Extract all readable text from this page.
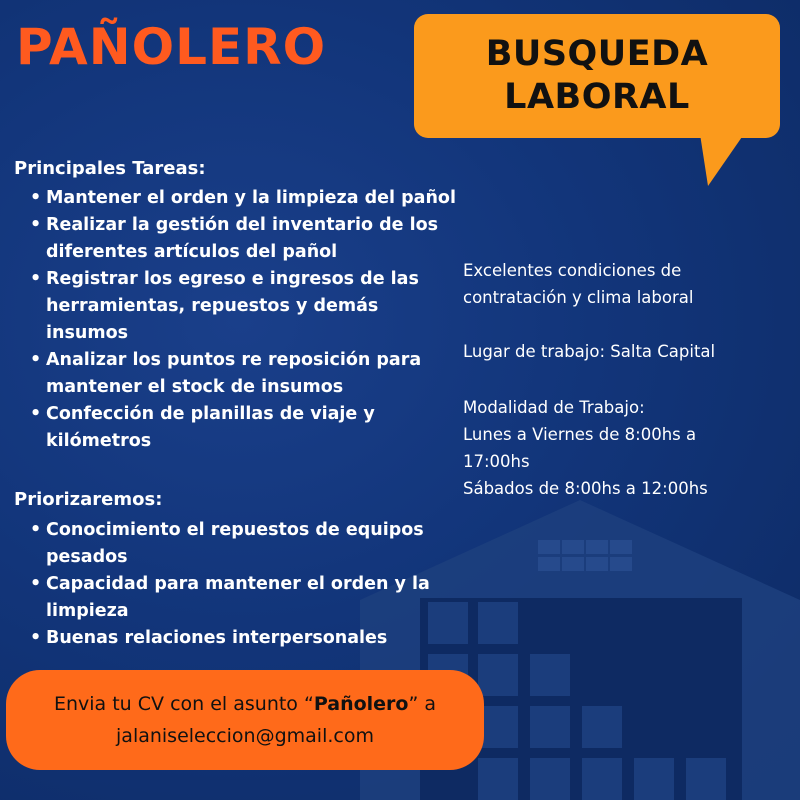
PAÑOLERO	BUSQUEDA
LABORAL

Principales Tareas:

• Mantener el orden y la limpieza del pañol
• Realizar la gestión del inventario de los diferentes artículos del pañol
• Registrar los egreso e ingresos de las herramientas, repuestos y demás insumos
• Analizar los puntos re reposición para mantener el stock de insumos
• Confección de planillas de viaje y kilómetros

Priorizaremos:

• Conocimiento el repuestos de equipos pesados
• Capacidad para mantener el orden y la limpieza
• Buenas relaciones interpersonales

Excelentes condiciones de contratación y clima laboral

Lugar de trabajo: Salta Capital

Modalidad de Trabajo:

Lunes a Viernes de 8:00hs a 17:00hs

Sábados de 8:00hs a 12:00hs

Envia tu CV con el asunto “Pañolero” a
jalaniseleccion@gmail.com
